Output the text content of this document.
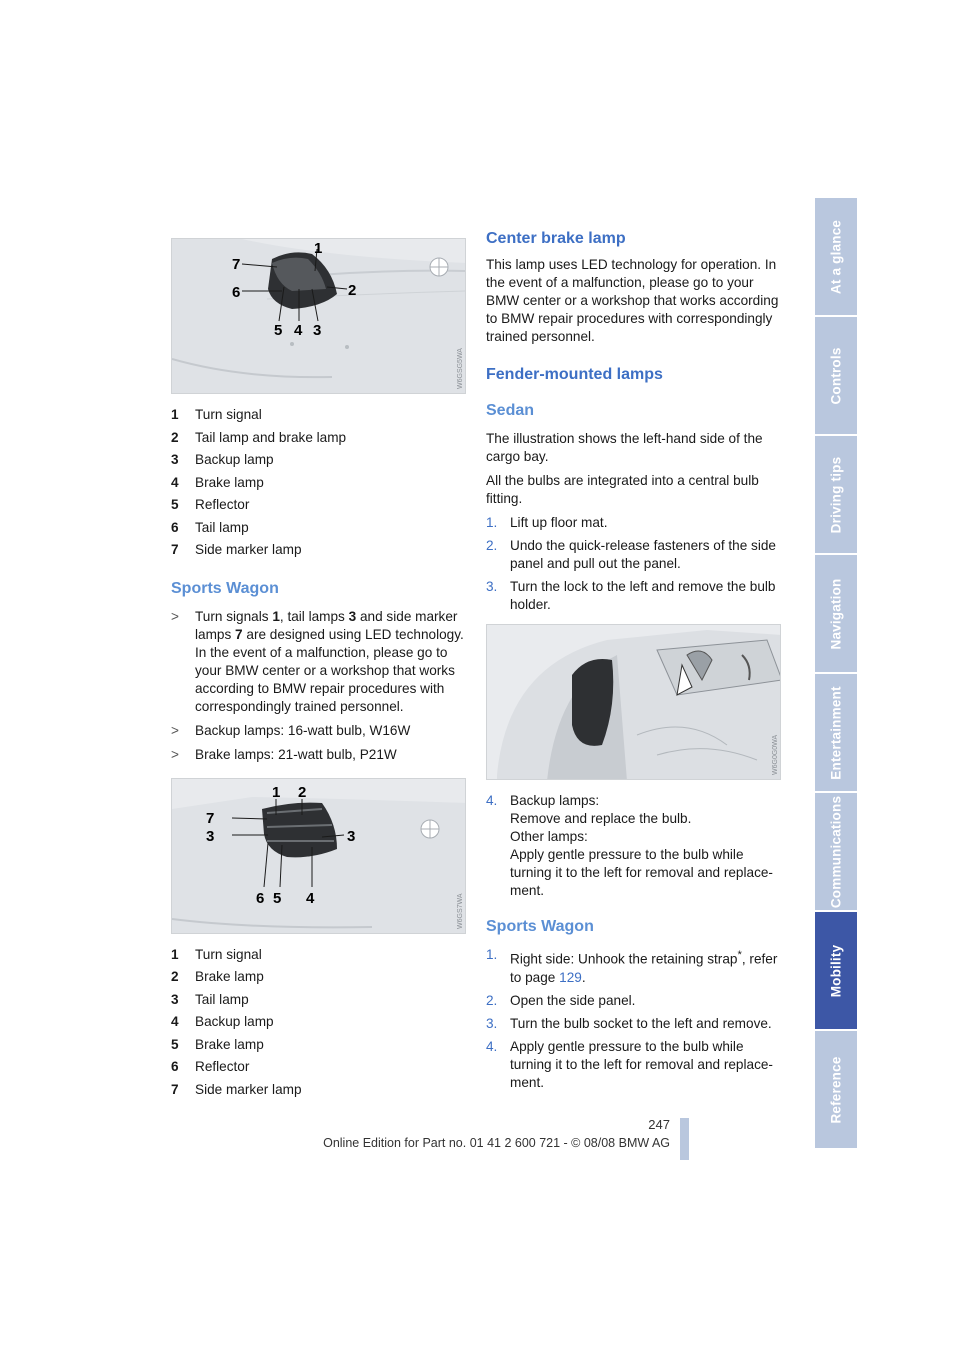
At a glance
Controls
Driving tips
Navigation
Entertainment
Communications
Mobility
Reference
1
2
3
4
5
6
7
W6GSG5WA
1	Turn signal
2	Tail lamp and brake lamp
3	Backup lamp
4	Brake lamp
5	Reflector
6	Tail lamp
7	Side marker lamp
Sports Wagon
>	Turn signals 1, tail lamps 3 and side marker lamps 7 are designed using LED technology. In the event of a malfunction, please go to your BMW center or a workshop that works according to BMW repair procedures with correspondingly trained personnel.
>	Backup lamps: 16-watt bulb, W16W
>	Brake lamps: 21-watt bulb, P21W
1 2
7
3	3
6 5 4	W6GS7WA
1	Turn signal
2	Brake lamp
3	Tail lamp
4	Backup lamp
5	Brake lamp
6	Reflector
7	Side marker lamp
Center brake lamp

This lamp uses LED technology for operation. In the event of a malfunction, please go to your BMW center or a workshop that works according to BMW repair procedures with correspondingly trained personnel.

Fender-mounted lamps
Sedan

The illustration shows the left-hand side of the cargo bay.

All the bulbs are integrated into a central bulb fitting.

1. Lift up floor mat.
2. Undo the quick-release fasteners of the side panel and pull out the panel.
3. Turn the lock to the left and remove the bulb holder.
W6G0G0WA
4. Backup lamps:
Remove and replace the bulb.
Other lamps:
Apply gentle pressure to the bulb while turning it to the left for removal and replacement.
Sports Wagon
1. Right side: Unhook the retaining strap*, refer to page 129.
2. Open the side panel.
3. Turn the bulb socket to the left and remove.
4. Apply gentle pressure to the bulb while turning it to the left for removal and replacement.
247
Online Edition for Part no. 01 41 2 600 721 - © 08/08 BMW AG
